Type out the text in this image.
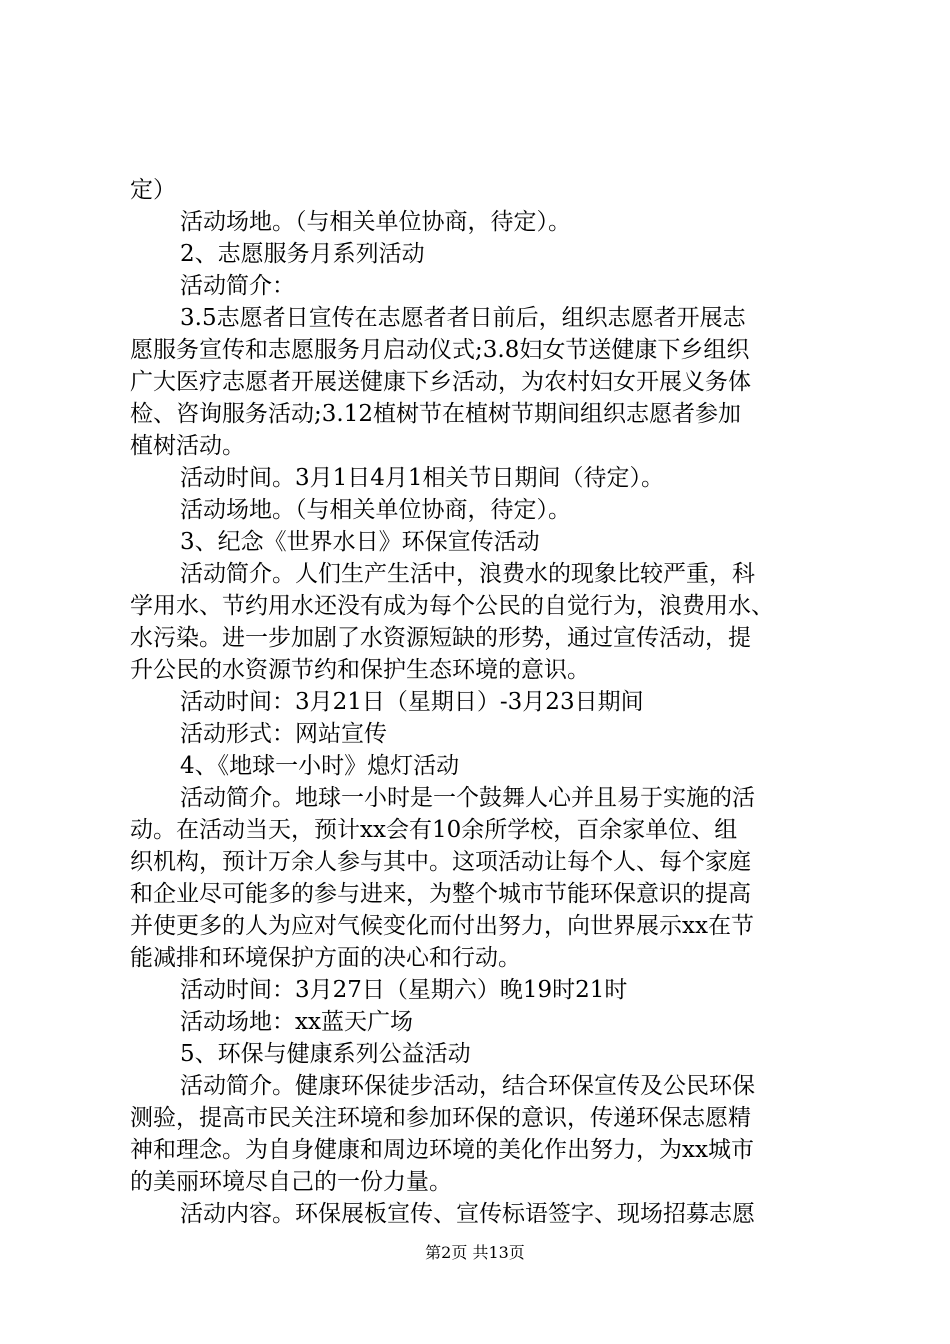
定）
活动场地。（与相关单位协商，待定）。
2、志愿服务月系列活动
活动简介：
3.5志愿者日宣传在志愿者者日前后，组织志愿者开展志
愿服务宣传和志愿服务月启动仪式;3.8妇女节送健康下乡组织
广大医疗志愿者开展送健康下乡活动，为农村妇女开展义务体
检、咨询服务活动;3.12植树节在植树节期间组织志愿者参加
植树活动。
活动时间。3月1日4月1相关节日期间（待定）。
活动场地。（与相关单位协商，待定）。
3、纪念《世界水日》环保宣传活动
活动简介。人们生产生活中，浪费水的现象比较严重，科
学用水、节约用水还没有成为每个公民的自觉行为，浪费用水、
水污染。进一步加剧了水资源短缺的形势，通过宣传活动，提
升公民的水资源节约和保护生态环境的意识。
活动时间：3月21日（星期日）-3月23日期间
活动形式：网站宣传
4、《地球一小时》熄灯活动
活动简介。地球一小时是一个鼓舞人心并且易于实施的活
动。在活动当天，预计xx会有10余所学校，百余家单位、组
织机构，预计万余人参与其中。这项活动让每个人、每个家庭
和企业尽可能多的参与进来，为整个城市节能环保意识的提高
并使更多的人为应对气候变化而付出努力，向世界展示xx在节
能减排和环境保护方面的决心和行动。
活动时间：3月27日（星期六）晚19时21时
活动场地：xx蓝天广场
5、环保与健康系列公益活动
活动简介。健康环保徒步活动，结合环保宣传及公民环保
测验，提高市民关注环境和参加环保的意识，传递环保志愿精
神和理念。为自身健康和周边环境的美化作出努力，为xx城市
的美丽环境尽自己的一份力量。
活动内容。环保展板宣传、宣传标语签字、现场招募志愿
第2页 共13页
